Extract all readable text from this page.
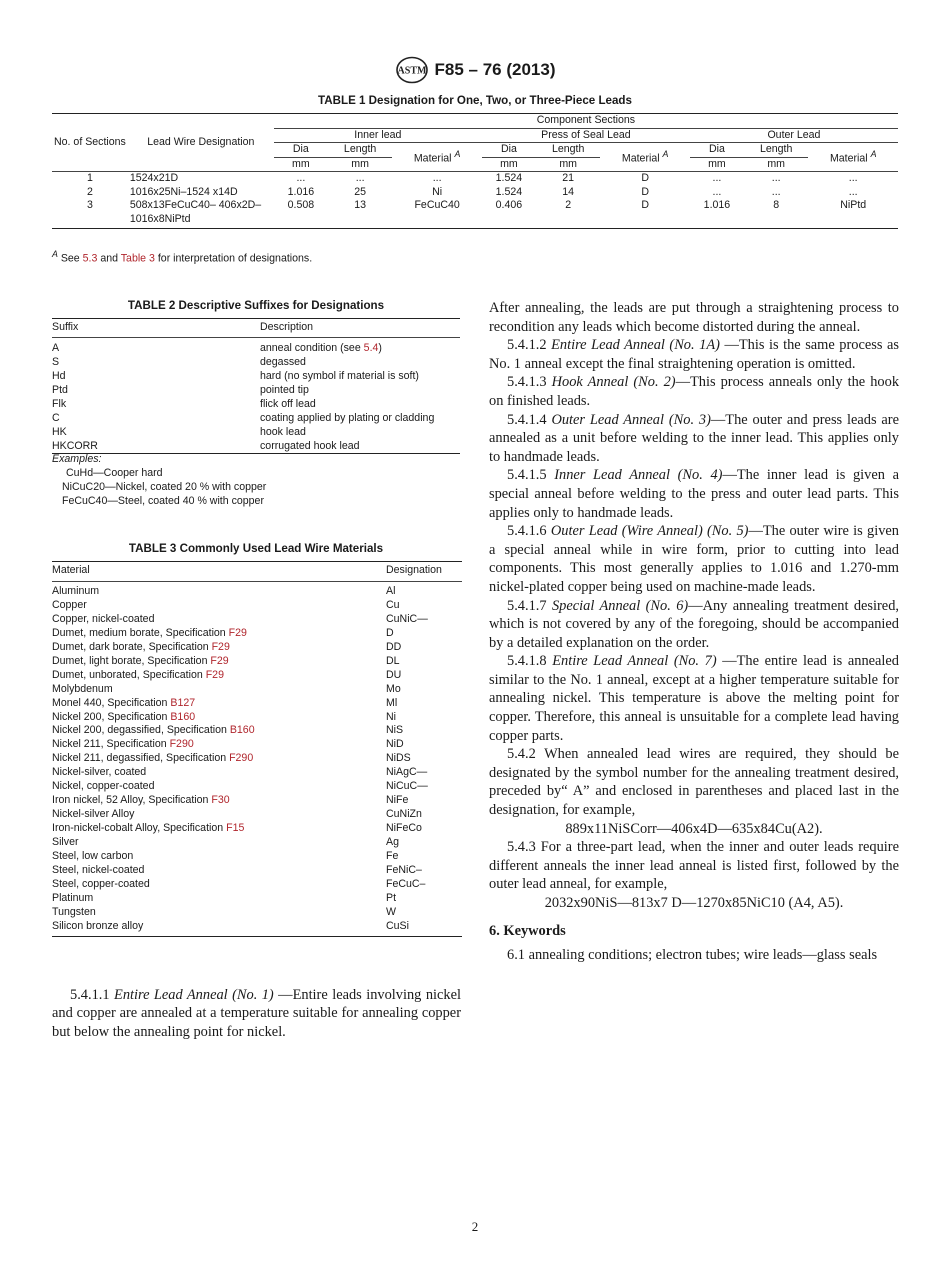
ASTM F85 – 76 (2013)
TABLE 1 Designation for One, Two, or Three-Piece Leads
No. of Sections	Lead Wire Designation	Component Sections								
		Inner lead			Press of Seal Lead			Outer Lead		
		Dia	Length	Material $^A$	Dia	Length	Material $^A$	Dia	Length	Material $^A$
		mm	mm		mm	mm		mm	mm	
1	1524x21D	...	...	...	1.524	21	D	...	...	...
2	1016x25Ni–1524 x14D	1.016	25	Ni	1.524	14	D	...	...	...
3	508x13FeCuC40– 406x2D–1016x8NiPtd	0.508	13	FeCuC40	0.406	2	D	1.016	8	NiPtd
$^A$ See 5.3 and Table 3 for interpretation of designations.
TABLE 2 Descriptive Suffixes for Designations
Suffix	Description
A	anneal condition (see 5.4)
S	degassed
Hd	hard (no symbol if material is soft)
Ptd	pointed tip
Flk	flick off lead
C	coating applied by plating or cladding
HK	hook lead
HKCORR	corrugated hook lead
Examples:
CuHd—Cooper hard
NiCuC20—Nickel, coated 20 % with copper
FeCuC40—Steel, coated 40 % with copper
TABLE 3 Commonly Used Lead Wire Materials
Material	Designation
Aluminum	Al
Copper	Cu
Copper, nickel-coated	CuNiC—
Dumet, medium borate, Specification F29	D
Dumet, dark borate, Specification F29	DD
Dumet, light borate, Specification F29	DL
Dumet, unborated, Specification F29	DU
Molybdenum	Mo
Monel 440, Specification B127	Ml
Nickel 200, Specification B160	Ni
Nickel 200, degassified, Specification B160	NiS
Nickel 211, Specification F290	NiD
Nickel 211, degassified, Specification F290	NiDS
Nickel-silver, coated	NiAgC—
Nickel, copper-coated	NiCuC—
Iron nickel, 52 Alloy, Specification F30	NiFe
Nickel-silver Alloy	CuNiZn
Iron-nickel-cobalt Alloy, Specification F15	NiFeCo
Silver	Ag
Steel, low carbon	Fe
Steel, nickel-coated	FeNiC–
Steel, copper-coated	FeCuC–
Platinum	Pt
Tungsten	W
Silicon bronze alloy	CuSi
5.4.1.1 Entire Lead Anneal (No. 1) —Entire leads involving nickel and copper are annealed at a temperature suitable for annealing copper but below the annealing point for nickel.

After annealing, the leads are put through a straightening process to recondition any leads which become distorted during the anneal.

5.4.1.2 Entire Lead Anneal (No. 1A) —This is the same process as No. 1 anneal except the final straightening operation is omitted.

5.4.1.3 Hook Anneal (No. 2)—This process anneals only the hook on finished leads.

5.4.1.4 Outer Lead Anneal (No. 3)—The outer and press leads are annealed as a unit before welding to the inner lead. This applies only to handmade leads.

5.4.1.5 Inner Lead Anneal (No. 4)—The inner lead is given a special anneal before welding to the press and outer lead parts. This applies only to handmade leads.

5.4.1.6 Outer Lead (Wire Anneal) (No. 5)—The outer wire is given a special anneal while in wire form, prior to cutting into lead components. This most generally applies to 1.016 and 1.270-mm nickel-plated copper being used on machine-made leads.

5.4.1.7 Special Anneal (No. 6)—Any annealing treatment desired, which is not covered by any of the foregoing, should be accompanied by a detailed explanation on the order.

5.4.1.8 Entire Lead Anneal (No. 7) —The entire lead is annealed similar to the No. 1 anneal, except at a higher temperature suitable for annealing nickel. This temperature is above the melting point for copper. Therefore, this anneal is unsuitable for a complete lead having copper parts.

5.4.2 When annealed lead wires are required, they should be designated by the symbol number for the annealing treatment desired, preceded by“ A” and enclosed in parentheses and placed last in the designation, for example,

889x11NiSCorr—406x4D—635x84Cu(A2).

5.4.3 For a three-part lead, when the inner and outer leads require different anneals the inner lead anneal is listed first, followed by the outer lead anneal, for example,

2032x90NiS—813x7 D—1270x85NiC10 (A4, A5).

6. Keywords

6.1 annealing conditions; electron tubes; wire leads—glass seals

2
